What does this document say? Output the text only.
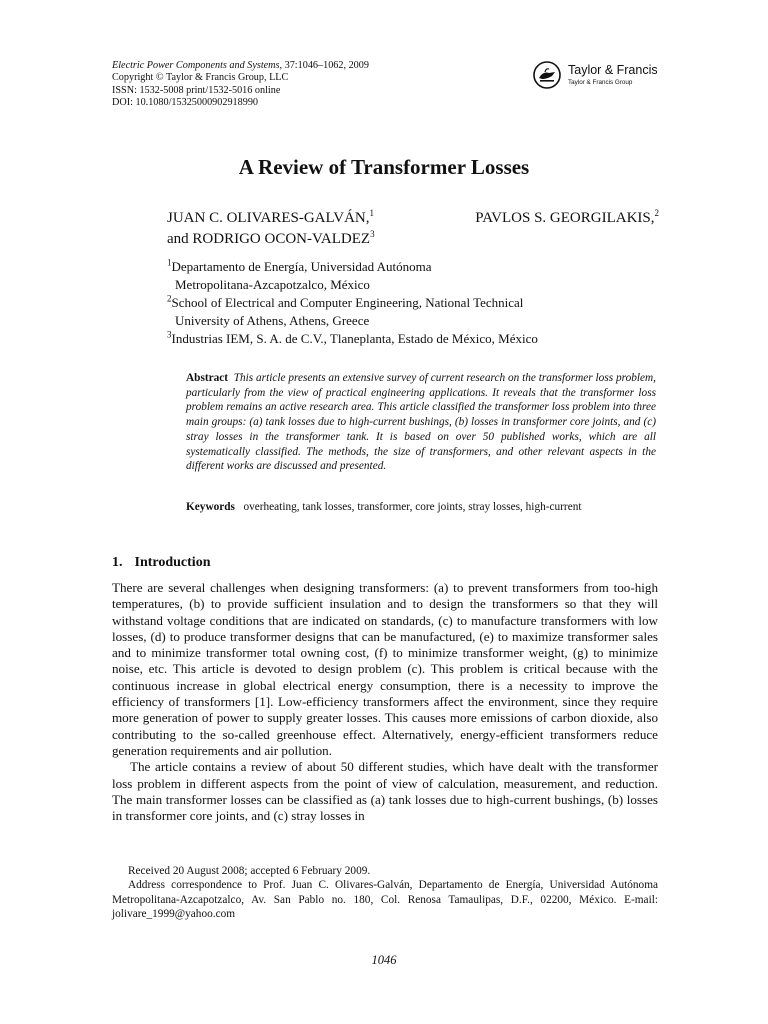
Electric Power Components and Systems, 37:1046–1062, 2009
Copyright © Taylor & Francis Group, LLC
ISSN: 1532-5008 print/1532-5016 online
DOI: 10.1080/15325000902918990
Taylor & Francis
Taylor & Francis Group
A Review of Transformer Losses
JUAN C. OLIVARES-GALVÁN,$^1$	PAVLOS S. GEORGILAKIS,$^2$
and RODRIGO OCON-VALDEZ$^3$
$^1$Departamento de Energía, Universidad Autónoma
Metropolitana-Azcapotzalco, México
$^2$School of Electrical and Computer Engineering, National Technical
University of Athens, Athens, Greece
$^3$Industrias IEM, S. A. de C.V., Tlaneplanta, Estado de México, México
Abstract This article presents an extensive survey of current research on the transformer loss problem, particularly from the view of practical engineering applications. It reveals that the transformer loss problem remains an active research area. This article classified the transformer loss problem into three main groups: (a) tank losses due to high-current bushings, (b) losses in transformer core joints, and (c) stray losses in the transformer tank. It is based on over 50 published works, which are all systematically classified. The methods, the size of transformers, and other relevant aspects in the different works are discussed and presented.
Keywords overheating, tank losses, transformer, core joints, stray losses, high-current
1. Introduction

There are several challenges when designing transformers: (a) to prevent transformers from too-high temperatures, (b) to provide sufficient insulation and to design the transformers so that they will withstand voltage conditions that are indicated on standards, (c) to manufacture transformers with low losses, (d) to produce transformer designs that can be manufactured, (e) to maximize transformer sales and to minimize transformer total owning cost, (f) to minimize transformer weight, (g) to minimize noise, etc. This article is devoted to design problem (c). This problem is critical because with the continuous increase in global electrical energy consumption, there is a necessity to improve the efficiency of transformers [1]. Low-efficiency transformers affect the environment, since they require more generation of power to supply greater losses. This causes more emissions of carbon dioxide, also contributing to the so-called greenhouse effect. Alternatively, energy-efficient transformers reduce generation requirements and air pollution.

The article contains a review of about 50 different studies, which have dealt with the transformer loss problem in different aspects from the point of view of calculation, measurement, and reduction. The main transformer losses can be classified as (a) tank losses due to high-current bushings, (b) losses in transformer core joints, and (c) stray losses in

Received 20 August 2008; accepted 6 February 2009.

Address correspondence to Prof. Juan C. Olivares-Galván, Departamento de Energía, Universidad Autónoma Metropolitana-Azcapotzalco, Av. San Pablo no. 180, Col. Renosa Tamaulipas, D.F., 02200, México. E-mail: jolivare_1999@yahoo.com

1046
